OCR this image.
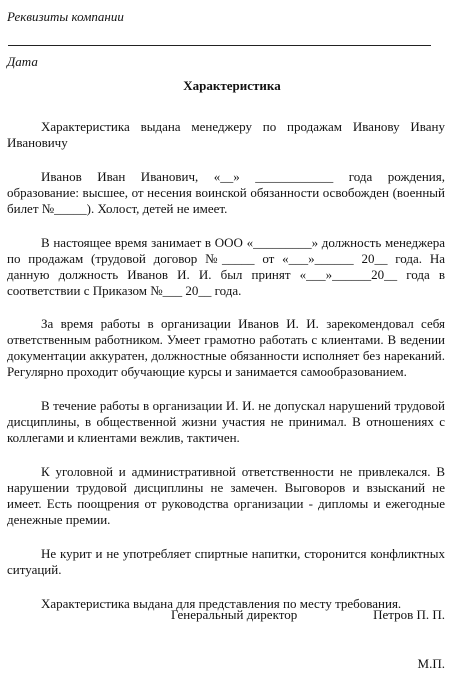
Реквизиты компании
Дата
Характеристика

Характеристика выдана менеджеру по продажам Иванову Ивану Ивановичу

Иванов Иван Иванович, «__» ____________ года рождения, образование: высшее, от несения воинской обязанности освобожден (военный билет №_____). Холост, детей не имеет.

В настоящее время занимает в ООО «_________» должность менеджера по продажам (трудовой договор №_____ от «___»______ 20__ года. На данную должность Иванов И. И. был принят «___»______20__ года в соответствии с Приказом №___ 20__ года.

За время работы в организации Иванов И. И. зарекомендовал себя ответственным работником. Умеет грамотно работать с клиентами. В ведении документации аккуратен, должностные обязанности исполняет без нареканий. Регулярно проходит обучающие курсы и занимается самообразованием.

В течение работы в организации И. И. не допускал нарушений трудовой дисциплины, в общественной жизни участия не принимал. В отношениях с коллегами и клиентами вежлив, тактичен.

К уголовной и административной ответственности не привлекался. В нарушении трудовой дисциплины не замечен. Выговоров и взысканий не имеет. Есть поощрения от руководства организации - дипломы и ежегодные денежные премии.

Не курит и не употребляет спиртные напитки, сторонится конфликтных ситуаций.

Характеристика выдана для представления по месту требования.

Генеральный директор	Петров П. П.
М.П.
